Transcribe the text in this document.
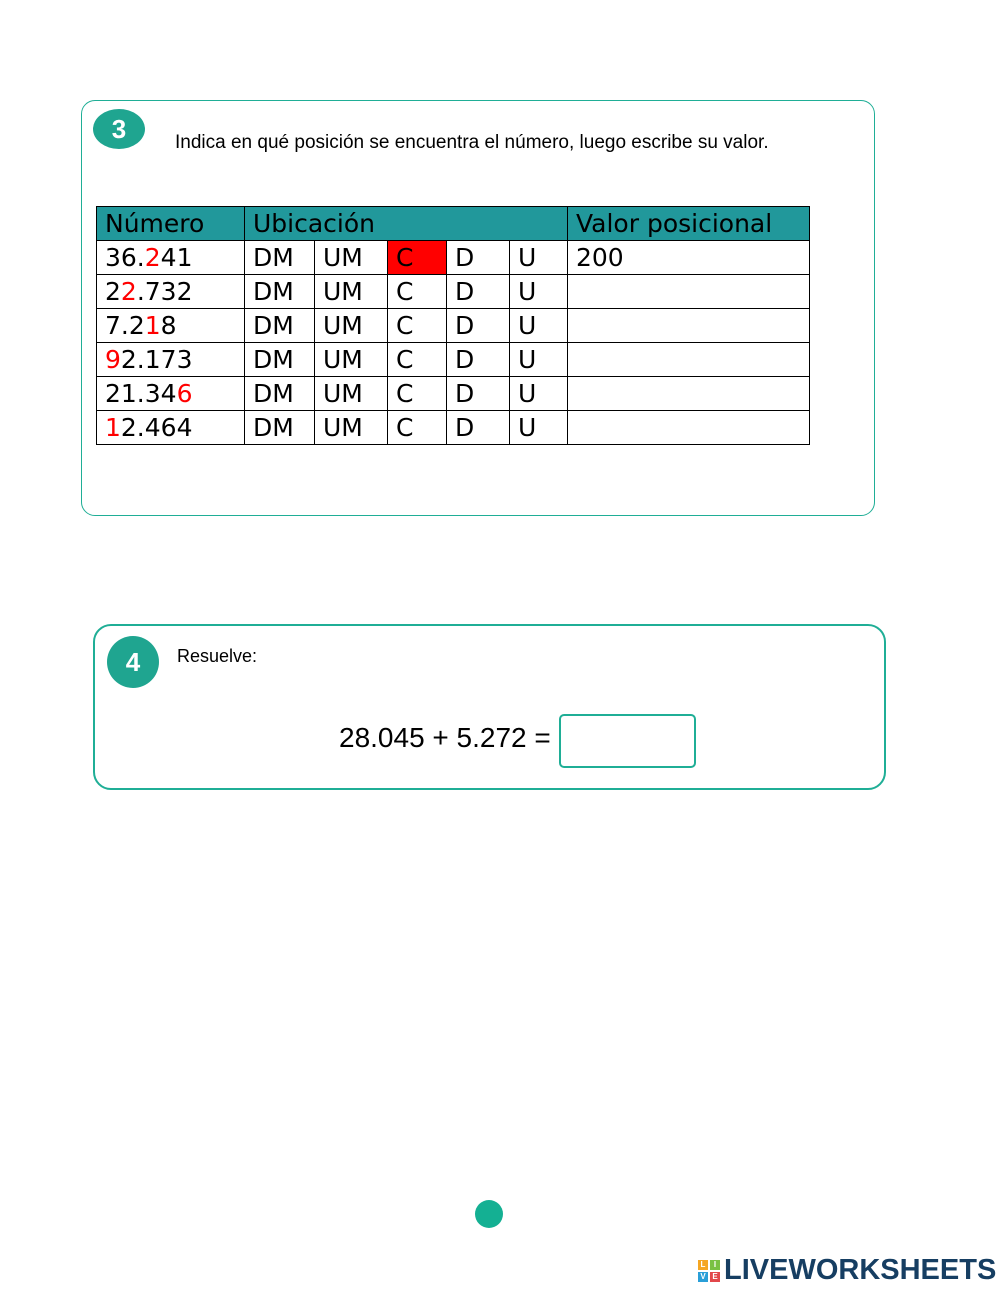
3	Indica en qué posición se encuentra el número, luego escribe su valor.
Número	Ubicación					Valor posicional
36.241	DM	UM	C	D	U	200
22.732	DM	UM	C	D	U	
7.218	DM	UM	C	D	U	
92.173	DM	UM	C	D	U	
21.346	DM	UM	C	D	U	
12.464	DM	UM	C	D	U	
4	Resuelve:
28.045 + 5.272 =
L	I
V E LIVEWORKSHEETS
